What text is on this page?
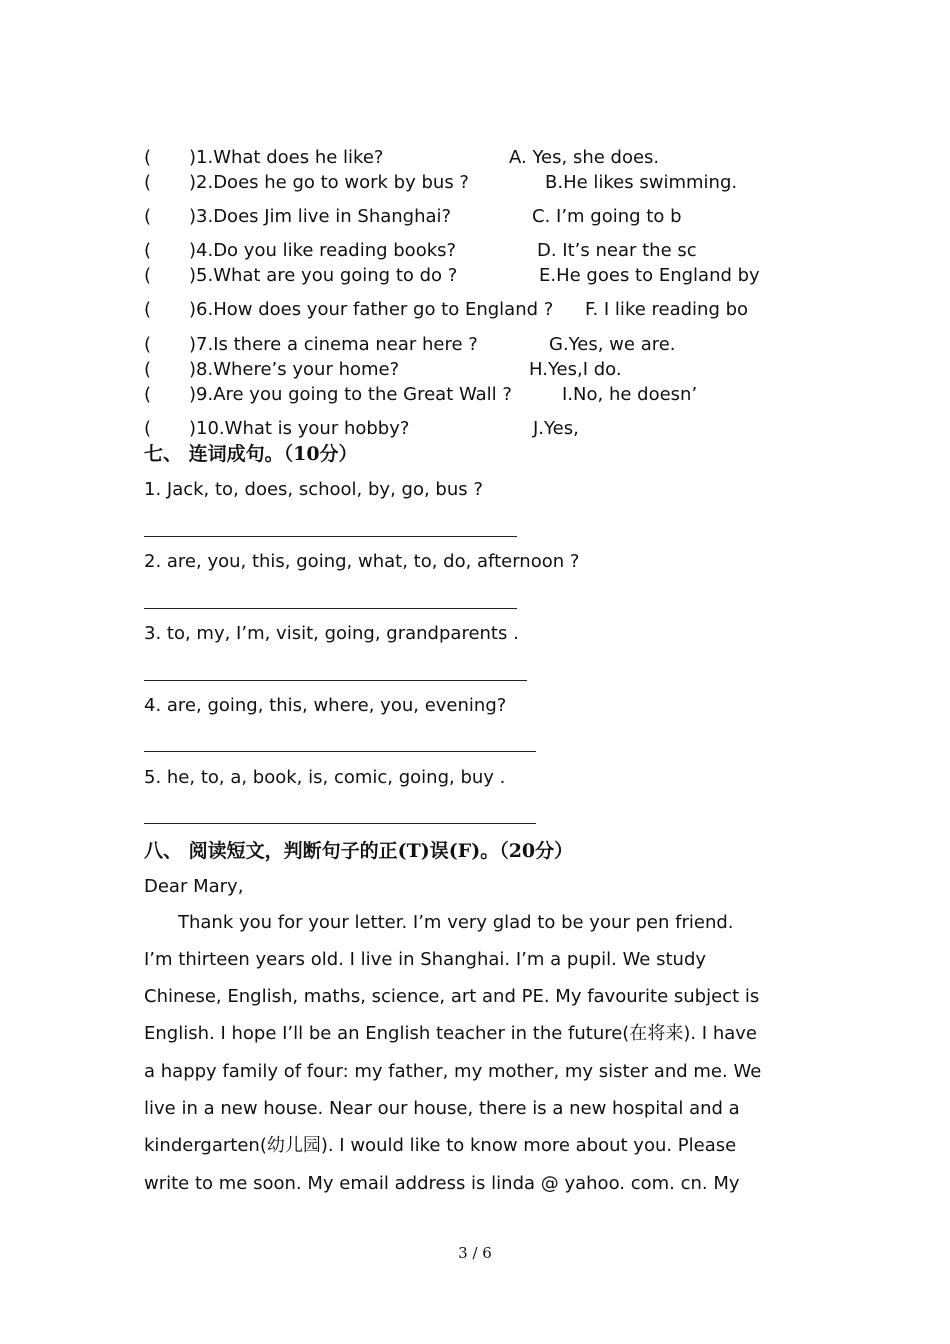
( )1.What does he like?	A. Yes, she does.
( )2.Does he go to work by bus ?	B.He likes swimming.
( )3.Does Jim live in Shanghai?	C. I’m going to b
( )4.Do you like reading books?	D. It’s near the sc
( )5.What are you going to do ?	E.He goes to England by
( )6.How does your father go to England ? F. I like reading bo
( )7.Is there a cinema near here ?	G.Yes, we are.
( )8.Where’s your home?	H.Yes,I do.
( )9.Are you going to the Great Wall ?	I.No, he doesn’
( )10.What is your hobby?	J.Yes,
七、 连词成句。（10分）
1. Jack, to, does, school, by, go, bus ?
2. are, you, this, going, what, to, do, afternoon ?
3. to, my, I’m, visit, going, grandparents .
4. are, going, this, where, you, evening?
5. he, to, a, book, is, comic, going, buy .
八、 阅读短文，判断句子的正(T)误(F)。（20分）
Dear Mary,
Thank you for your letter. I’m very glad to be your pen friend.
I’m thirteen years old. I live in Shanghai. I’m a pupil. We study
Chinese, English, maths, science, art and PE. My favourite subject is
English. I hope I’ll be an English teacher in the future(在将来). I have
a happy family of four: my father, my mother, my sister and me. We
live in a new house. Near our house, there is a new hospital and a
kindergarten(幼儿园). I would like to know more about you. Please
write to me soon. My email address is linda @ yahoo. com. cn. My
3 / 6
